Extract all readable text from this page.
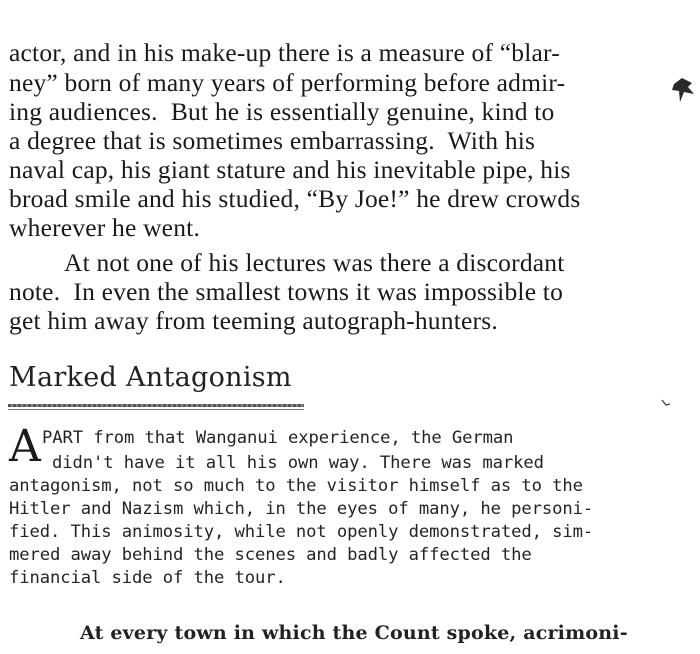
actor, and in his make-up there is a measure of “blar-
ney” born of many years of performing before admir-
ing audiences.  But he is essentially genuine, kind to
a degree that is sometimes embarrassing.  With his
naval cap, his giant stature and his inevitable pipe, his
broad smile and his studied, “By Joe!” he drew crowds
wherever he went.
At not one of his lectures was there a discordant
note.  In even the smallest towns it was impossible to
get him away from teeming autograph-hunters.
Marked Antagonism
A PART from that Wanganui experience, the German
didn't have it all his own way. There was marked
antagonism, not so much to the visitor himself as to the
Hitler and Nazism which, in the eyes of many, he personi-
fied. This animosity, while not openly demonstrated, sim-
mered away behind the scenes and badly affected the
financial side of the tour.
At every town in which the Count spoke, acrimoni-
